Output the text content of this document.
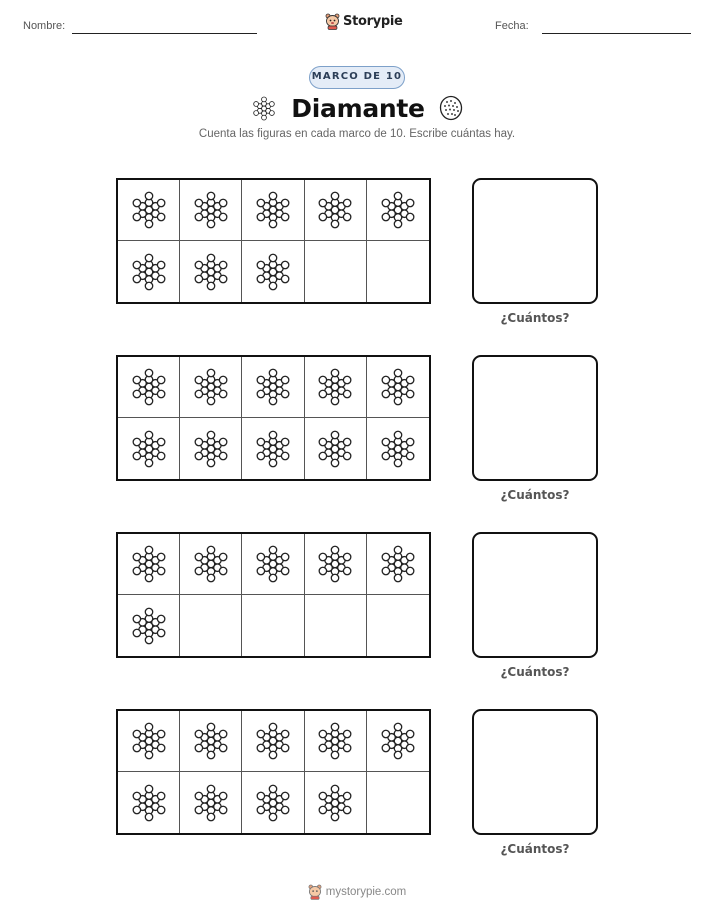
Nombre:	Storypie	Fecha:
MARCO DE 10
Diamante
Cuenta las figuras en cada marco de 10. Escribe cuántas hay.
¿Cuántos?
¿Cuántos?
¿Cuántos?
¿Cuántos?
mystorypie.com
